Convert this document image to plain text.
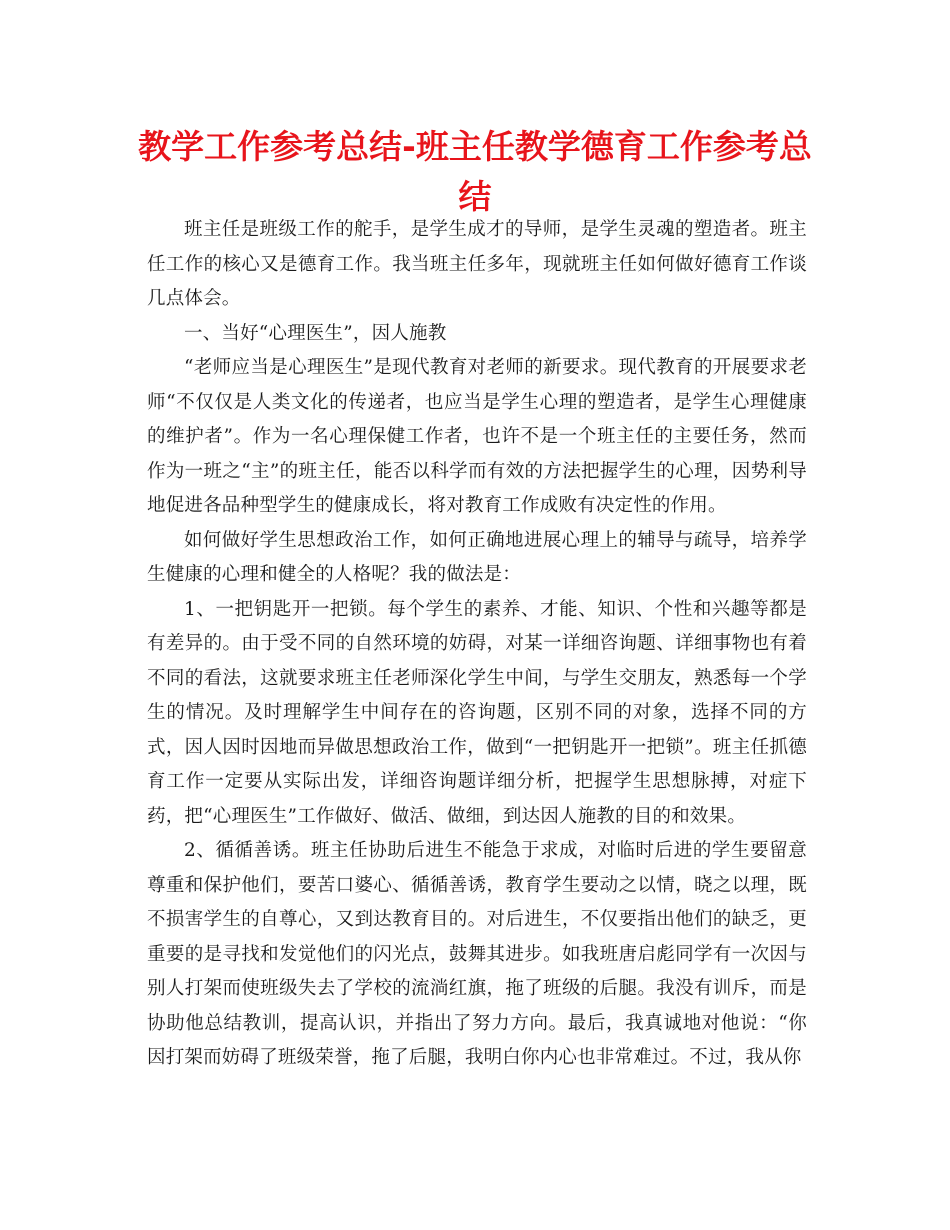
教学工作参考总结-班主任教学德育工作参考总结

班主任是班级工作的舵手，是学生成才的导师，是学生灵魂的塑造者。班主任工作的核心又是德育工作。我当班主任多年，现就班主任如何做好德育工作谈几点体会。

一、当好“心理医生”，因人施教

“老师应当是心理医生”是现代教育对老师的新要求。现代教育的开展要求老师“不仅仅是人类文化的传递者，也应当是学生心理的塑造者，是学生心理健康的维护者”。作为一名心理保健工作者，也许不是一个班主任的主要任务，然而作为一班之“主”的班主任，能否以科学而有效的方法把握学生的心理，因势利导地促进各品种型学生的健康成长，将对教育工作成败有决定性的作用。

如何做好学生思想政治工作，如何正确地进展心理上的辅导与疏导，培养学生健康的心理和健全的人格呢？我的做法是：

1、一把钥匙开一把锁。每个学生的素养、才能、知识、个性和兴趣等都是有差异的。由于受不同的自然环境的妨碍，对某一详细咨询题、详细事物也有着不同的看法，这就要求班主任老师深化学生中间，与学生交朋友，熟悉每一个学生的情况。及时理解学生中间存在的咨询题，区别不同的对象，选择不同的方式，因人因时因地而异做思想政治工作，做到“一把钥匙开一把锁”。班主任抓德育工作一定要从实际出发，详细咨询题详细分析，把握学生思想脉搏，对症下药，把“心理医生”工作做好、做活、做细，到达因人施教的目的和效果。

2、循循善诱。班主任协助后进生不能急于求成，对临时后进的学生要留意尊重和保护他们，要苦口婆心、循循善诱，教育学生要动之以情，晓之以理，既不损害学生的自尊心，又到达教育目的。对后进生，不仅要指出他们的缺乏，更重要的是寻找和发觉他们的闪光点，鼓舞其进步。如我班唐启彪同学有一次因与别人打架而使班级失去了学校的流淌红旗，拖了班级的后腿。我没有训斥，而是协助他总结教训，提高认识，并指出了努力方向。最后，我真诚地对他说：“你因打架而妨碍了班级荣誉，拖了后腿，我明白你内心也非常难过。不过，我从你
